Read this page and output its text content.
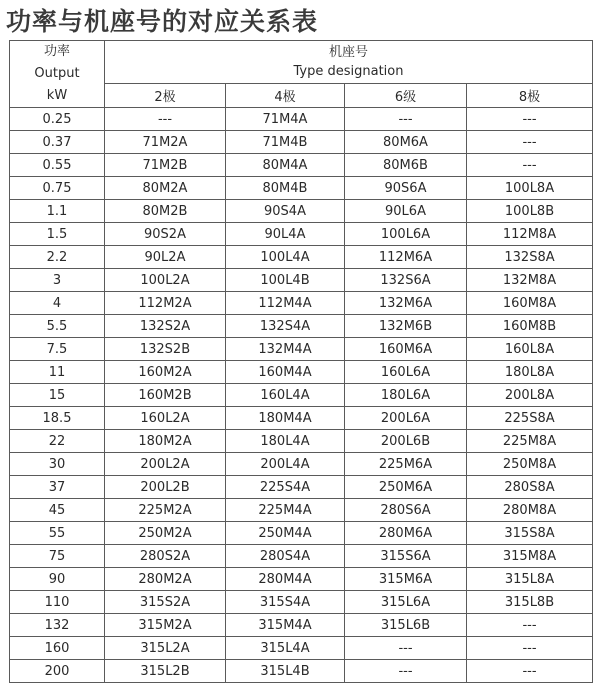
功率与机座号的对应关系表
功率
Output
kW	机座号
Type designation			

	2极	4极	6级	8极
0.25	---	71M4A	---	---
0.37	71M2A	71M4B	80M6A	---
0.55	71M2B	80M4A	80M6B	---
0.75	80M2A	80M4B	90S6A	100L8A
1.1	80M2B	90S4A	90L6A	100L8B
1.5	90S2A	90L4A	100L6A	112M8A
2.2	90L2A	100L4A	112M6A	132S8A
3	100L2A	100L4B	132S6A	132M8A
4	112M2A	112M4A	132M6A	160M8A
5.5	132S2A	132S4A	132M6B	160M8B
7.5	132S2B	132M4A	160M6A	160L8A
11	160M2A	160M4A	160L6A	180L8A
15	160M2B	160L4A	180L6A	200L8A
18.5	160L2A	180M4A	200L6A	225S8A
22	180M2A	180L4A	200L6B	225M8A
30	200L2A	200L4A	225M6A	250M8A
37	200L2B	225S4A	250M6A	280S8A
45	225M2A	225M4A	280S6A	280M8A
55	250M2A	250M4A	280M6A	315S8A
75	280S2A	280S4A	315S6A	315M8A
90	280M2A	280M4A	315M6A	315L8A
110	315S2A	315S4A	315L6A	315L8B
132	315M2A	315M4A	315L6B	---
160	315L2A	315L4A	---	---
200	315L2B	315L4B	---	---
